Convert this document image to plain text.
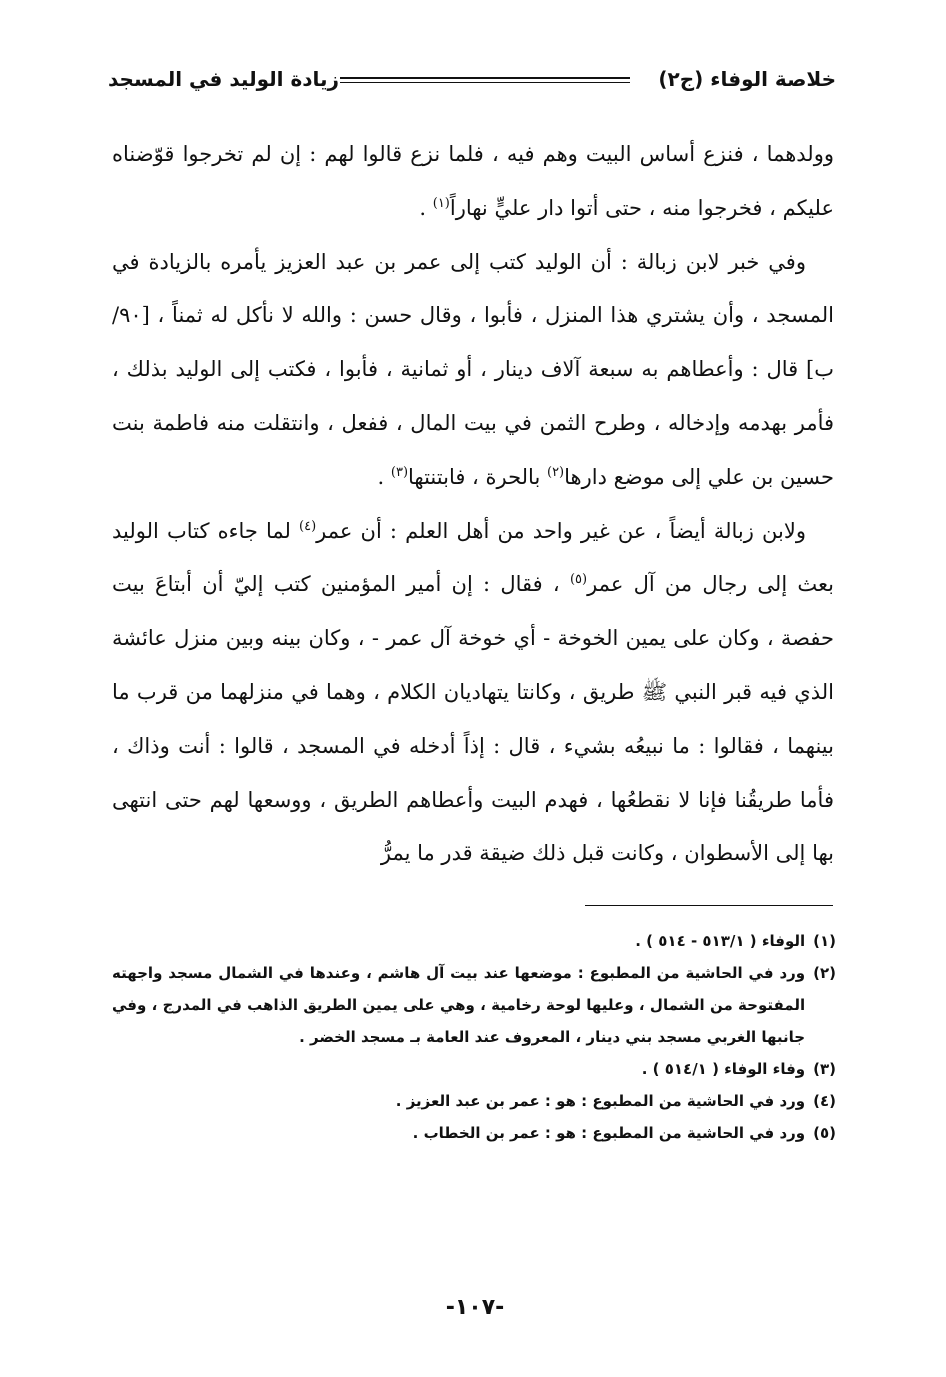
خلاصة الوفاء (ج٢)
زيادة الوليد في المسجد

وولدهما ، فنزع أساس البيت وهم فيه ، فلما نزع قالوا لهم : إن لم تخرجوا قوّضناه عليكم ، فخرجوا منه ، حتى أتوا دار عليٍّ نهاراً$^{(١)}$ .

وفي خبر لابن زبالة : أن الوليد كتب إلى عمر بن عبد العزيز يأمره بالزيادة في المسجد ، وأن يشتري هذا المنزل ، فأبوا ، وقال حسن : والله لا نأكل له ثمناً ، [٩٠/ب] قال : وأعطاهم به سبعة آلاف دينار ، أو ثمانية ، فأبوا ، فكتب إلى الوليد بذلك ، فأمر بهدمه وإدخاله ، وطرح الثمن في بيت المال ، ففعل ، وانتقلت منه فاطمة بنت حسين بن علي إلى موضع دارها$^{(٢)}$ بالحرة ، فابتنتها$^{(٣)}$ .

ولابن زبالة أيضاً ، عن غير واحد من أهل العلم : أن عمر$^{(٤)}$ لما جاءه كتاب الوليد بعث إلى رجال من آل عمر$^{(٥)}$ ، فقال : إن أمير المؤمنين كتب إليّ أن أبتاعَ بيت حفصة ، وكان على يمين الخوخة - أي خوخة آل عمر - ، وكان بينه وبين منزل عائشة الذي فيه قبر النبي ﷺ طريق ، وكانتا يتهاديان الكلام ، وهما في منزلهما من قرب ما بينهما ، فقالوا : ما نبيعُه بشيء ، قال : إذاً أدخله في المسجد ، قالوا : أنت وذاك ، فأما طريقُنا فإنا لا نقطعُها ، فهدم البيت وأعطاهم الطريق ، ووسعها لهم حتى انتهى بها إلى الأسطوان ، وكانت قبل ذلك ضيقة قدر ما يمرُّ

(١)
الوفاء ( ٥١٣/١ - ٥١٤ ) .
(٢)
ورد في الحاشية من المطبوع : موضعها عند بيت آل هاشم ، وعندها في الشمال مسجد واجهته المفتوحة من الشمال ، وعليها لوحة رخامية ، وهي على يمين الطريق الذاهب في المدرج ، وفي جانبها الغربي مسجد بني دينار ، المعروف عند العامة بـ مسجد الخضر .
(٣)
وفاء الوفاء ( ٥١٤/١ ) .
(٤)
ورد في الحاشية من المطبوع : هو : عمر بن عبد العزيز .
(٥)
ورد في الحاشية من المطبوع : هو : عمر بن الخطاب .
-١٠٧-
